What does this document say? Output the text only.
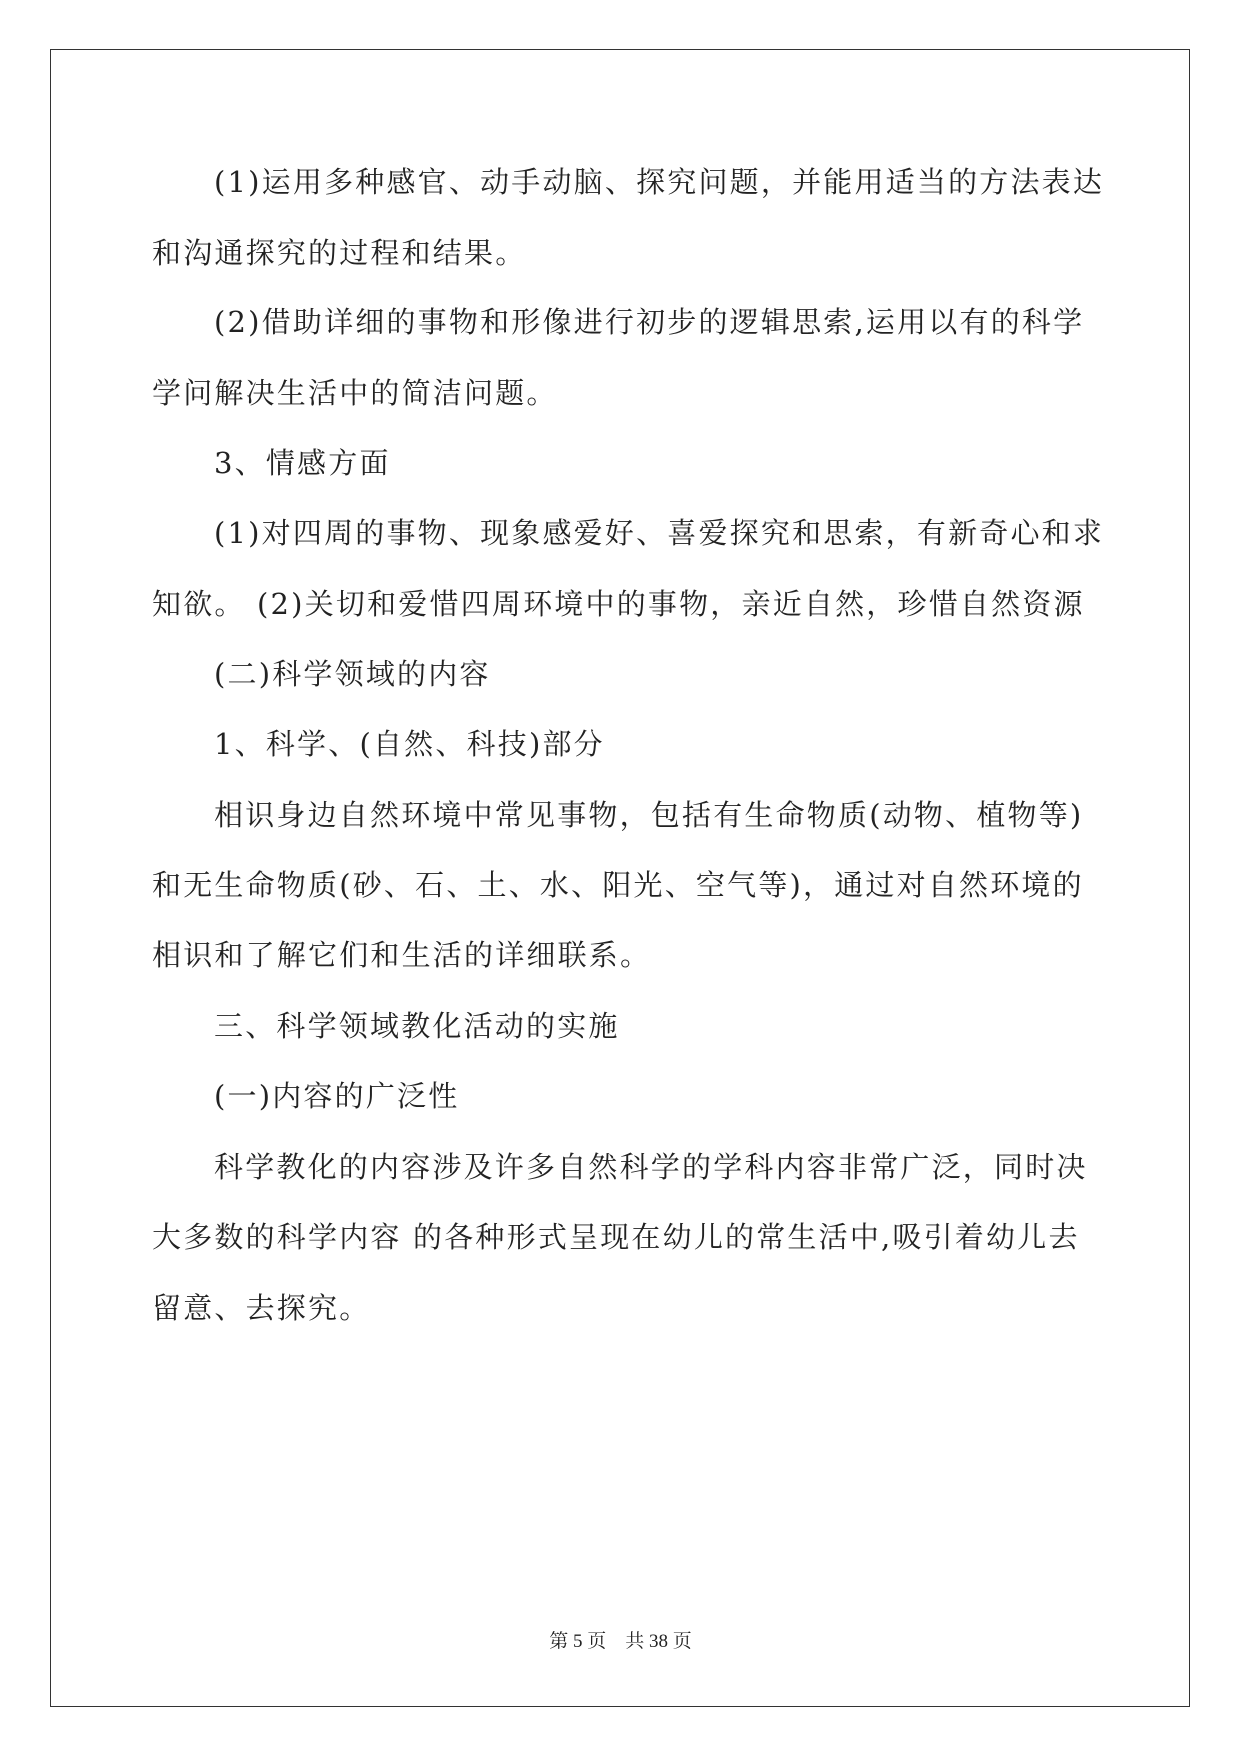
(1)运用多种感官、动手动脑、探究问题，并能用适当的方法表达
和沟通探究的过程和结果。
(2)借助详细的事物和形像进行初步的逻辑思索,运用以有的科学
学问解决生活中的简洁问题。
3、情感方面
(1)对四周的事物、现象感爱好、喜爱探究和思索，有新奇心和求
知欲。 (2)关切和爱惜四周环境中的事物，亲近自然，珍惜自然资源
(二)科学领域的内容
1、科学、(自然、科技)部分
相识身边自然环境中常见事物，包括有生命物质(动物、植物等)
和无生命物质(砂、石、土、水、阳光、空气等)，通过对自然环境的
相识和了解它们和生活的详细联系。
三、科学领域教化活动的实施
(一)内容的广泛性
科学教化的内容涉及许多自然科学的学科内容非常广泛，同时决
大多数的科学内容 的各种形式呈现在幼儿的常生活中,吸引着幼儿去
留意、去探究。
第 5 页　共 38 页
